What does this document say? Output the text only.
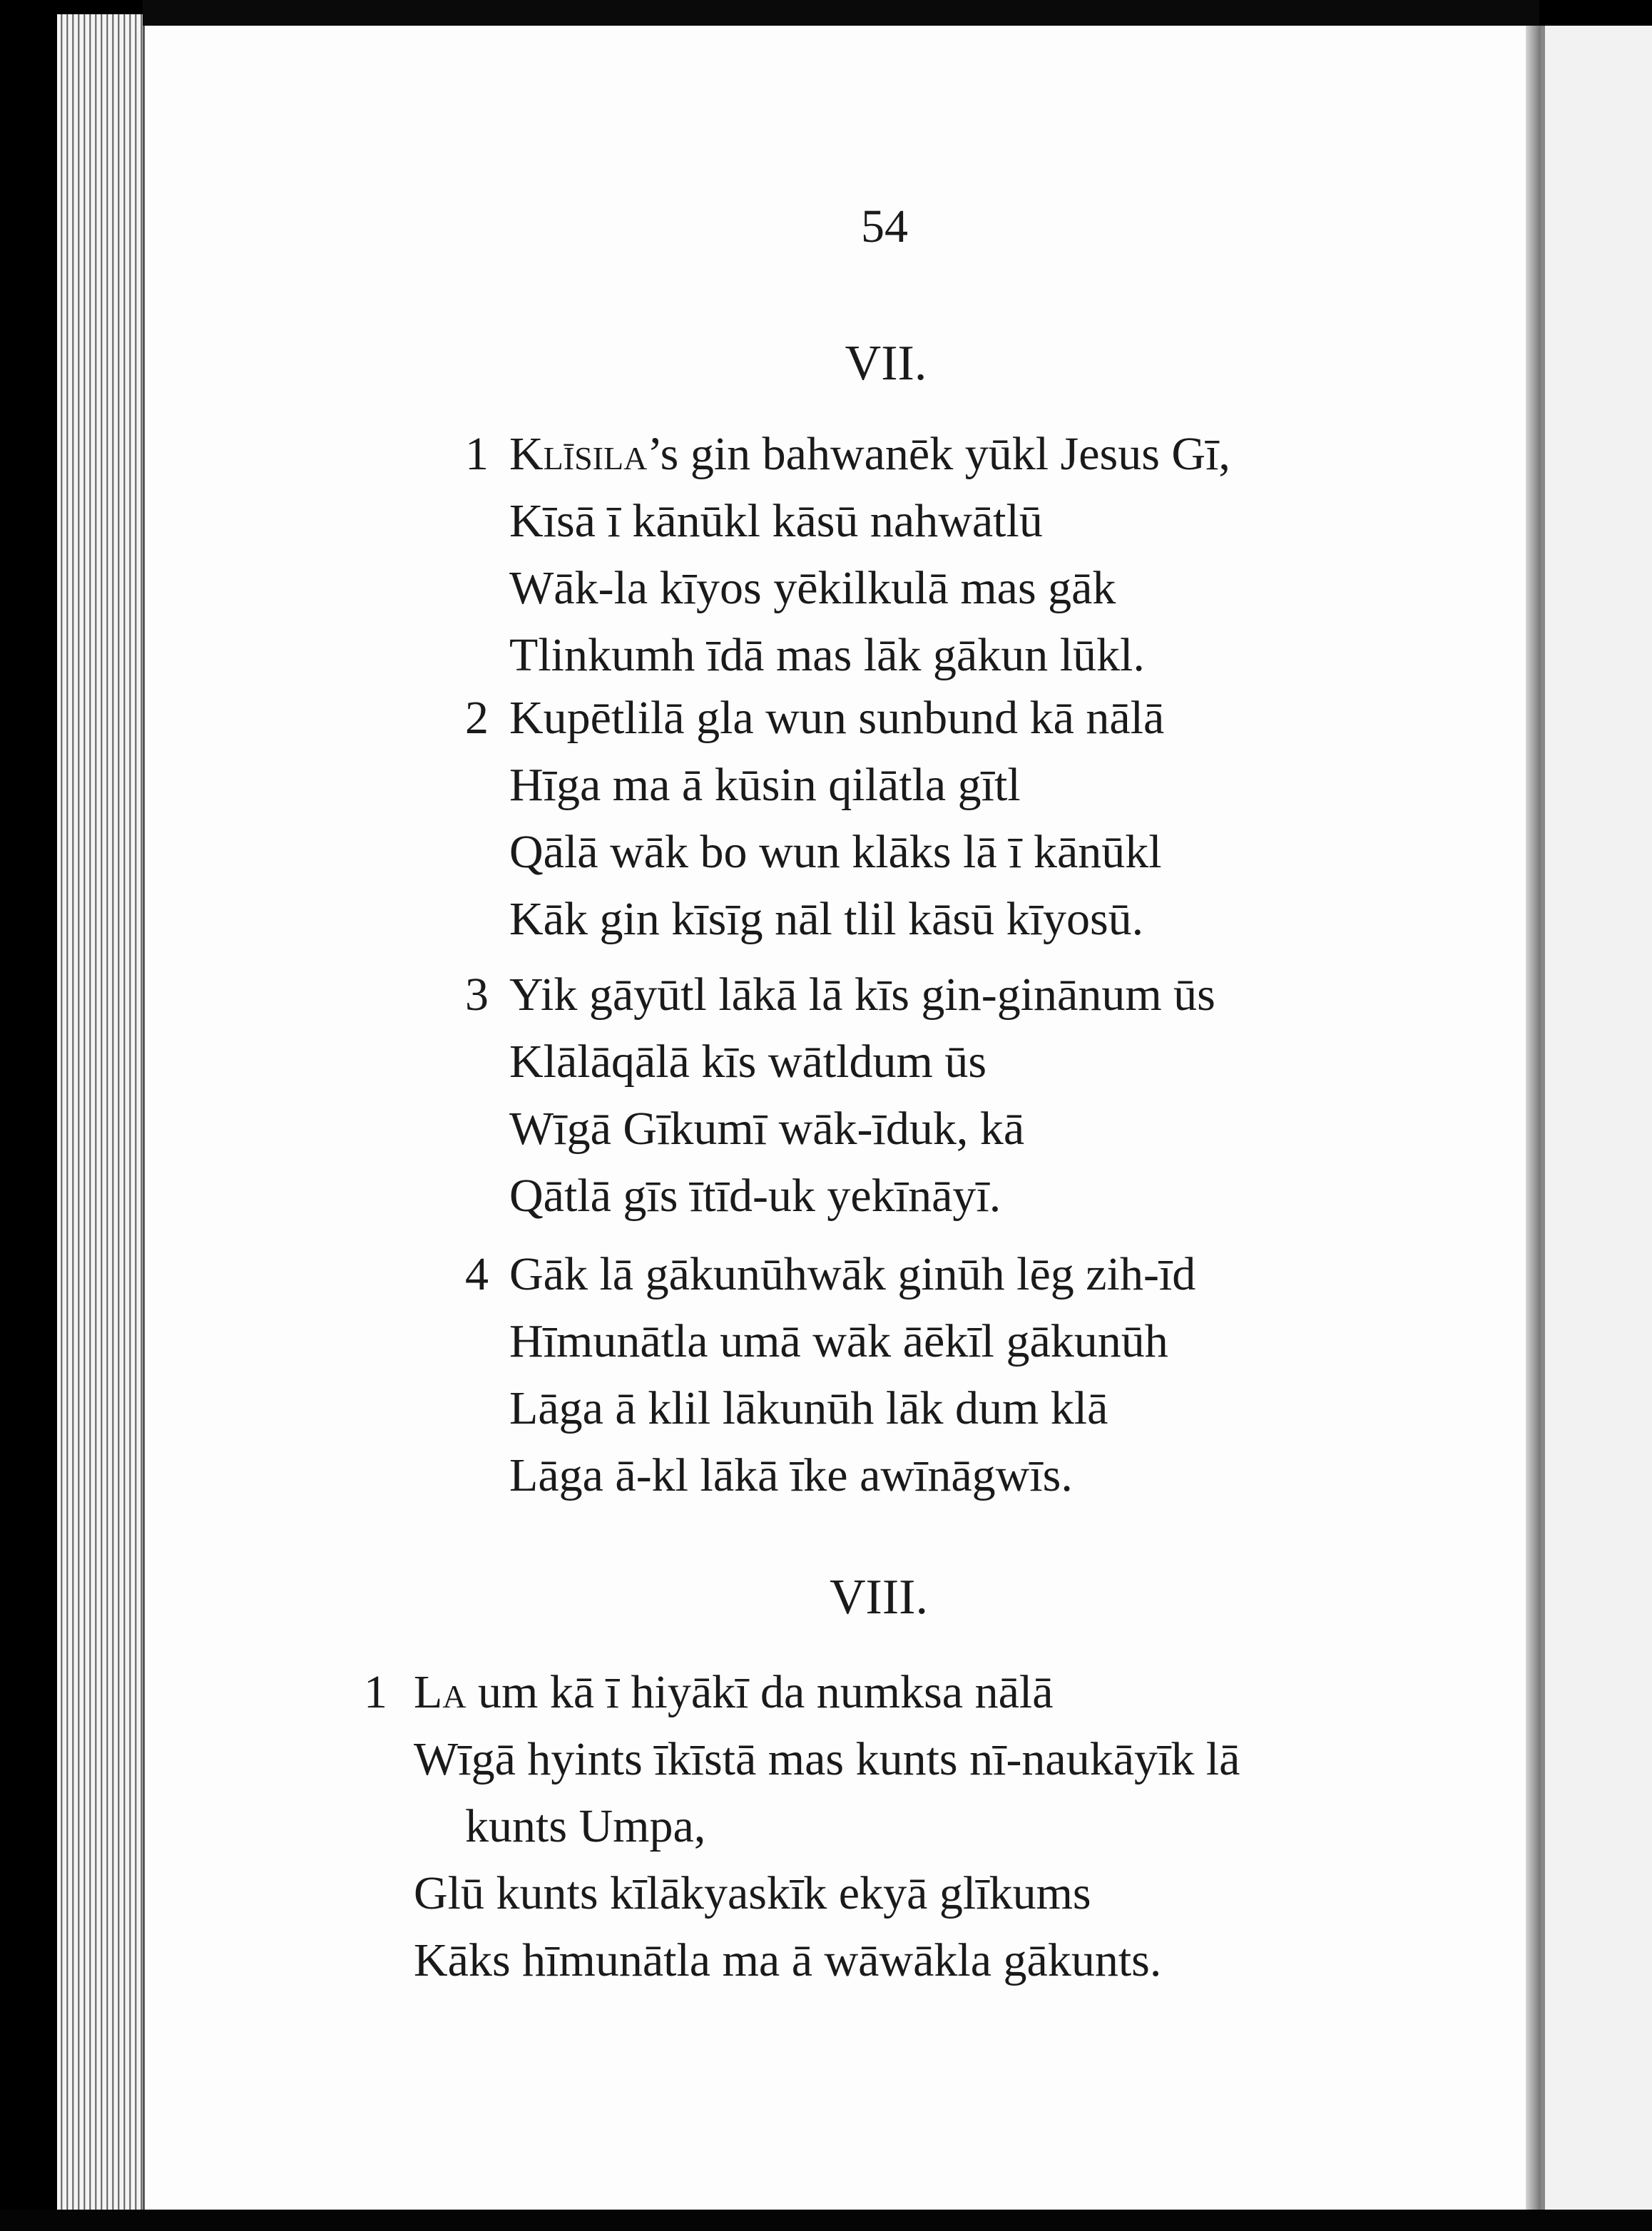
54
VII.
1 Klīsila’s gin bahwanēk yūkl Jesus Gī,
Kīsā ī kānūkl kāsū nahwātlū
Wāk-la kīyos yēkilkulā mas gāk
Tlinkumh īdā mas lāk gākun lūkl.
2 Kupētlilā gla wun sunbund kā nālā
Hīga ma ā kūsin qilātla gītl
Qālā wāk bo wun klāks lā ī kānūkl
Kāk gin kīsīg nāl tlil kāsū kīyosū.
3 Yik gāyūtl lākā lā kīs gin-ginānum ūs
Klālāqālā kīs wātldum ūs
Wīgā Gīkumī wāk-īduk, kā
Qātlā gīs ītīd-uk yekīnāyī.
4 Gāk lā gākunūhwāk ginūh lēg zih-īd
Hīmunātla umā wāk āēkīl gākunūh
Lāga ā klil lākunūh lāk dum klā
Lāga ā-kl lākā īke awīnāgwīs.
VIII.
1 La um kā ī hiyākī da numksa nālā
Wīgā hyints īkīstā mas kunts nī-naukāyīk lā
kunts Umpa,
Glū kunts kīlākyaskīk ekyā glīkums
Kāks hīmunātla ma ā wāwākla gākunts.
